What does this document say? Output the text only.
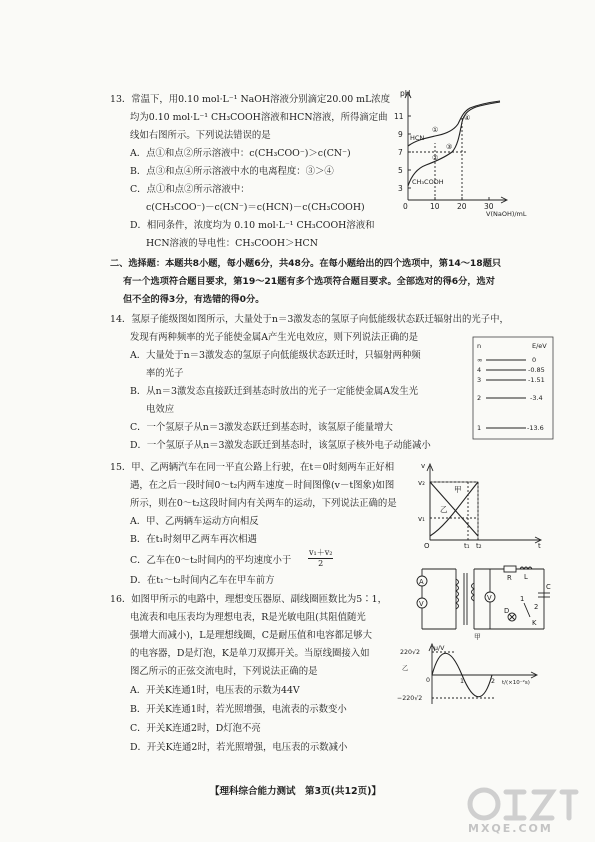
13．常温下，用0.10 mol·L⁻¹ NaOH溶液分别滴定20.00 mL浓度
均为0.10 mol·L⁻¹ CH₃COOH溶液和HCN溶液，所得滴定曲
线如右图所示。下列说法错误的是
A．点①和点②所示溶液中：c(CH₃COO⁻)＞c(CN⁻)
B．点③和点④所示溶液中水的电离程度：③＞④
C．点①和点②所示溶液中：
c(CH₃COO⁻)－c(CN⁻)＝c(HCN)－c(CH₃COOH)
D．相同条件，浓度均为 0.10 mol·L⁻¹ CH₃COOH溶液和
HCN溶液的导电性：CH₃COOH＞HCN
pH
11
9
7
5
3
0	10 20 30
V(NaOH)/mL
HCN
CH₃COOH
①
②
③
④
二、选择题：本题共8小题，每小题6分，共48分。在每小题给出的四个选项中，第14～18题只
有一个选项符合题目要求，第19～21题有多个选项符合题目要求。全部选对的得6分，选对
但不全的得3分，有选错的得0分。
14．氢原子能级图如图所示，大量处于n＝3激发态的氢原子向低能级状态跃迁辐射出的光子中，
发现有两种频率的光子能使金属A产生光电效应，则下列说法正确的是
A．大量处于n＝3激发态的氢原子向低能级状态跃迁时，只辐射两种频
率的光子
B．从n＝3激发态直接跃迁到基态时放出的光子一定能使金属A发生光
电效应
C．一个氢原子从n＝3激发态跃迁到基态时，该氢原子能量增大
D．一个氢原子从n＝3激发态跃迁到基态时，该氢原子核外电子动能减小
n	E/eV
∞	0
4	-0.85
3	-1.51
2	-3.4
1	-13.6
15．甲、乙两辆汽车在同一平直公路上行驶，在t＝0时刻两车正好相
遇，在之后一段时间0～t₂内两车速度－时间图像(v－t图象)如图
所示，则在0～t₂这段时间内有关两车的运动，下列说法正确的是
A．甲、乙两辆车运动方向相反
B．在t₁时刻甲乙两车再次相遇
C．乙车在0～t₂时间内的平均速度小于 $\frac{\text{v₁＋v₂}}{2}$
D．在t₁～t₂时间内乙车在甲车前方
v
v₂
v₁
O	t₁ t₂	t
甲
乙
16．如图甲所示的电路中，理想变压器原、副线圈匝数比为5∶1，
电流表和电压表均为理想电表，R是光敏电阻(其阻值随光
强增大而减小)，L是理想线圈，C是耐压值和电容都足够大
的电容器，D是灯泡，K是单刀双掷开关。当原线圈接入如
图乙所示的正弦交流电时，下列说法正确的是
A．开关K连通1时，电压表的示数为44V
B．开关K连通1时，若光照增强，电流表的示数变小
C．开关K连通2时，D灯泡不亮
D．开关K连通2时，若光照增强，电压表的示数减小
A
V
V
R L
C
D
K
1
2
甲
u/V
220√2
−220√2
0	1	2 t/(×10⁻²s)
乙
【理科综合能力测试　第3页(共12页)】
MXQE.COM
